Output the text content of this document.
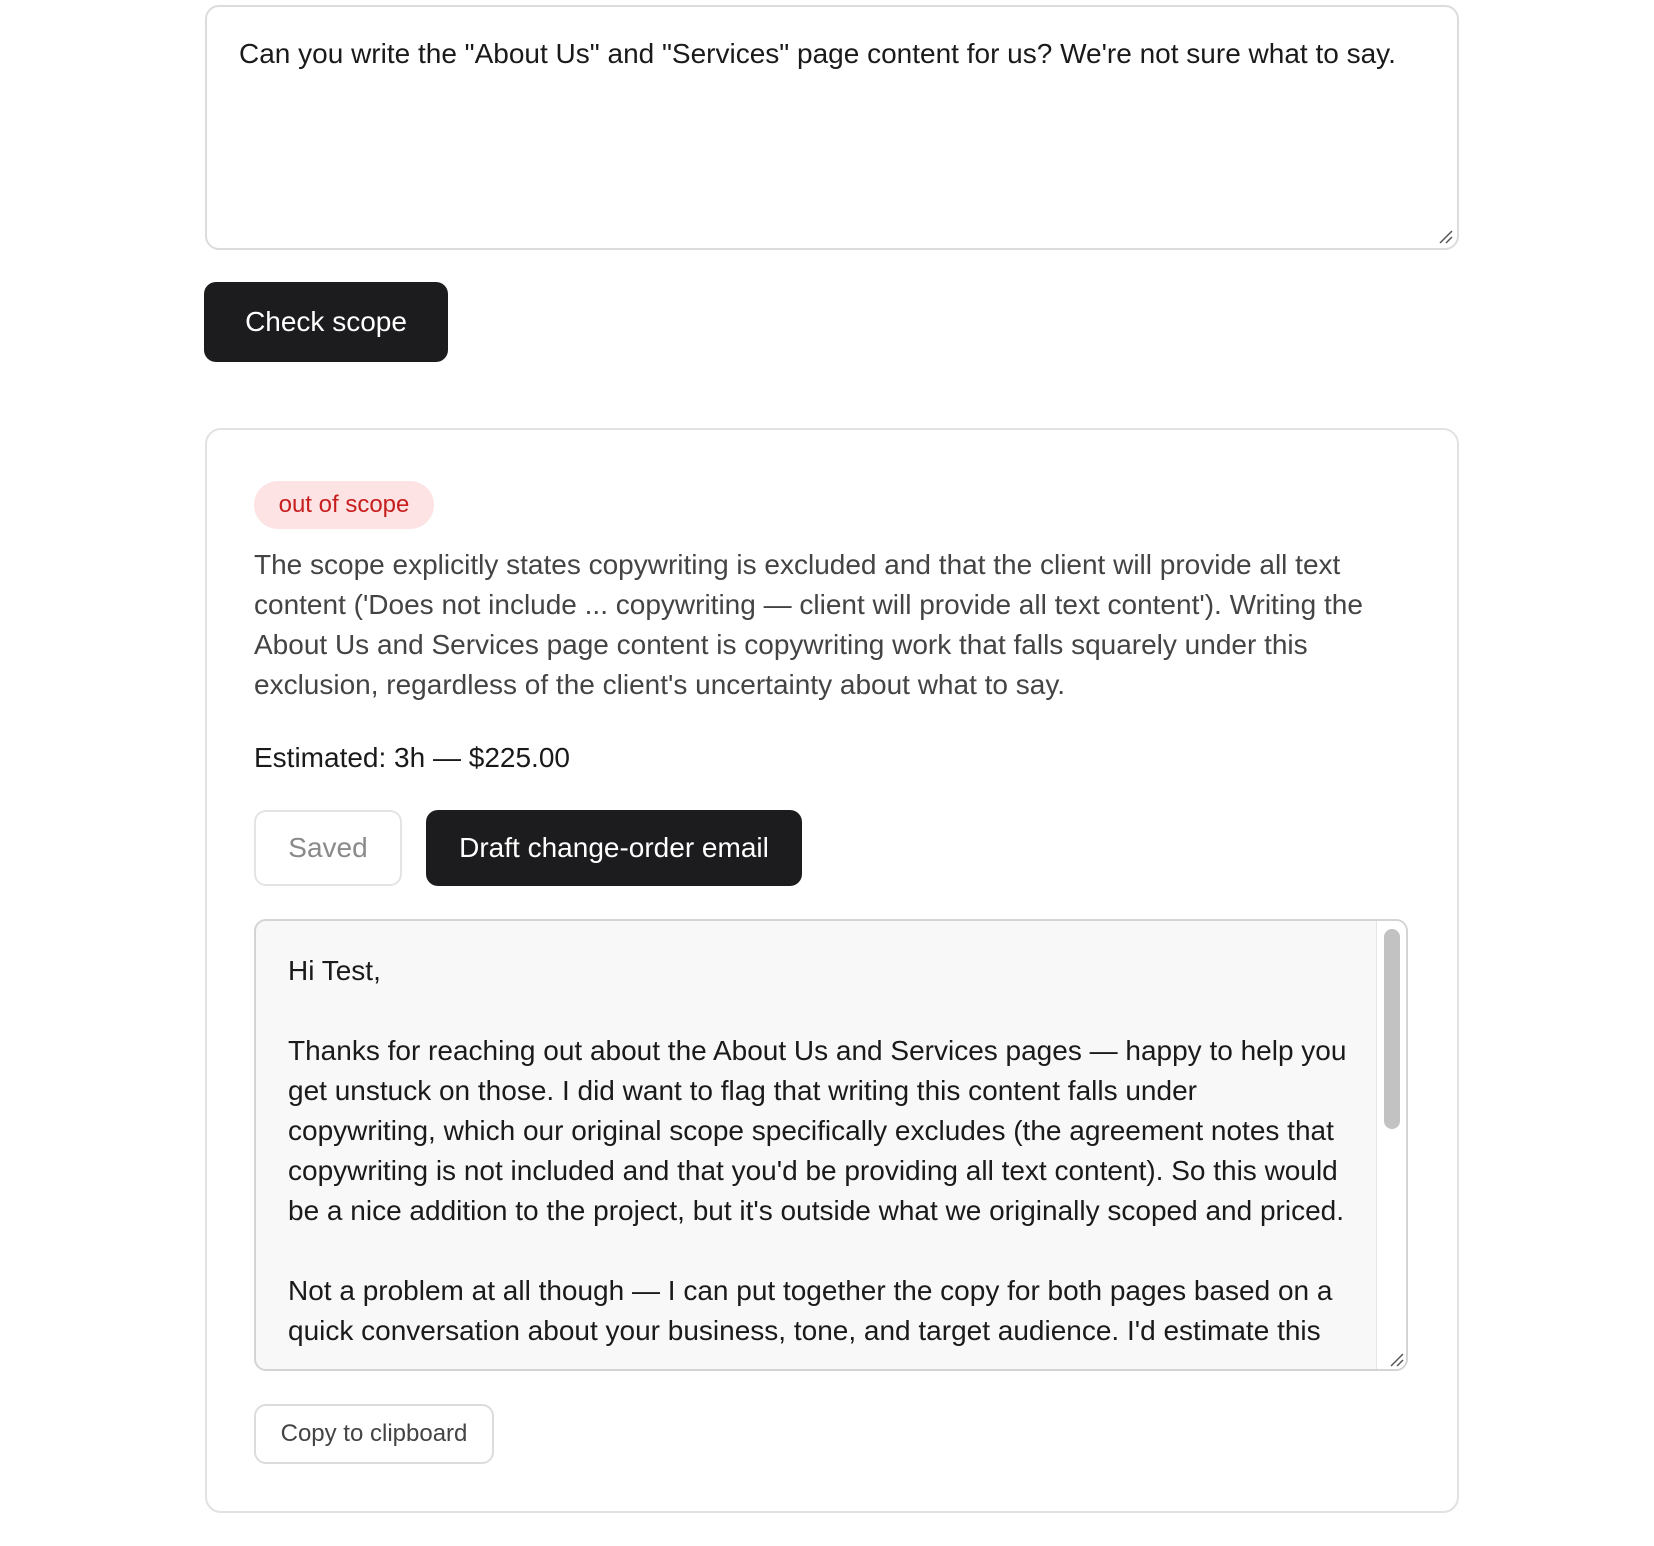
Can you write the "About Us" and "Services" page content for us? We're not sure what to say.
Check scope
out of scope

The scope explicitly states copywriting is excluded and that the client will provide all text content ('Does not include ... copywriting — client will provide all text content'). Writing the About Us and Services page content is copywriting work that falls squarely under this exclusion, regardless of the client's uncertainty about what to say.

Estimated: 3h — $225.00
Saved	Draft change-order email
Hi Test,

Thanks for reaching out about the About Us and Services pages — happy to help you get unstuck on those. I did want to flag that writing this content falls under copywriting, which our original scope specifically excludes (the agreement notes that copywriting is not included and that you'd be providing all text content). So this would be a nice addition to the project, but it's outside what we originally scoped and priced.

Not a problem at all though — I can put together the copy for both pages based on a quick conversation about your business, tone, and target audience. I'd estimate this
Copy to clipboard
